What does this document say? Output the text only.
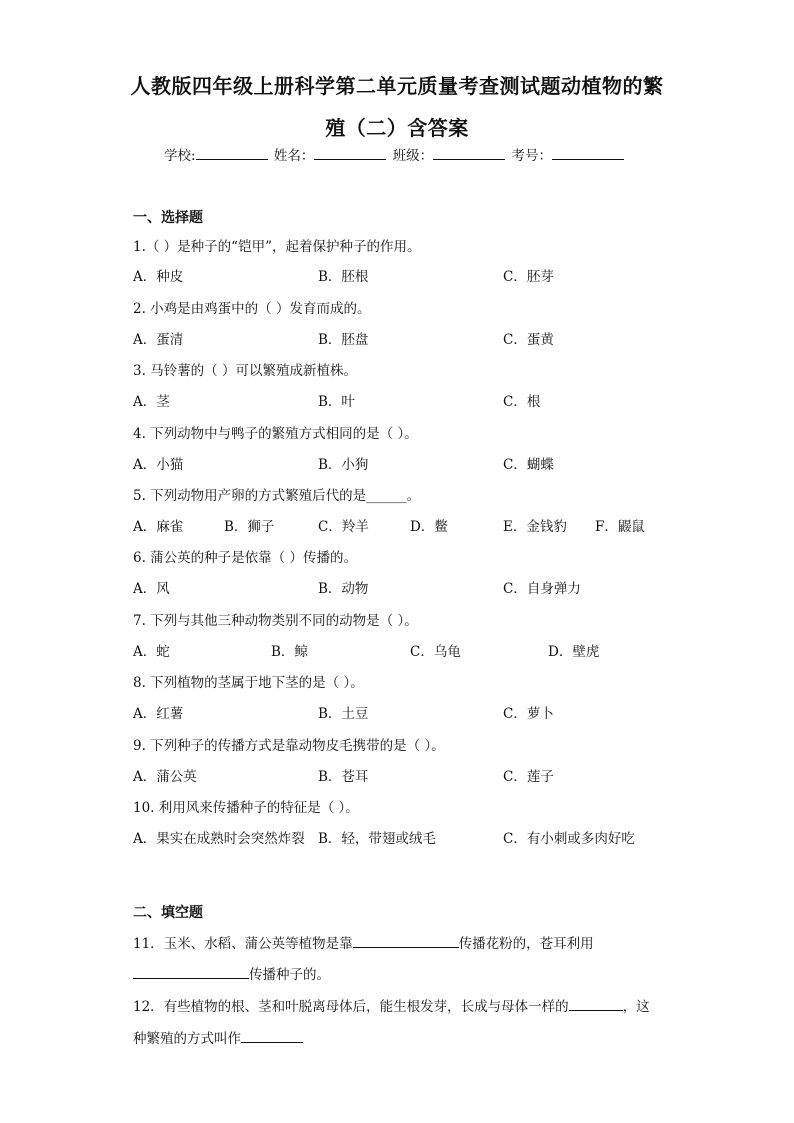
人教版四年级上册科学第二单元质量考查测试题动植物的繁
殖（二）含答案
学校:	姓名：	班级：	考号：
一、选择题
1.（ ）是种子的“铠甲”，起着保护种子的作用。
A．种皮	B．胚根	C．胚芽
2. 小鸡是由鸡蛋中的（ ）发育而成的。
A．蛋清	B．胚盘	C．蛋黄
3. 马铃薯的（ ）可以繁殖成新植株。
A．茎	B．叶	C．根
4. 下列动物中与鸭子的繁殖方式相同的是（ ）。
A．小猫	B．小狗	C．蝴蝶
5. 下列动物用产卵的方式繁殖后代的是______。
A．麻雀	B．狮子	C．羚羊	D．鳖	E．金钱豹 F．鼹鼠
6. 蒲公英的种子是依靠（ ）传播的。
A．风	B．动物	C．自身弹力
7. 下列与其他三种动物类别不同的动物是（ ）。
A．蛇	B．鲸	C．乌龟	D．壁虎
8. 下列植物的茎属于地下茎的是（ ）。
A．红薯	B．土豆	C．萝卜
9. 下列种子的传播方式是靠动物皮毛携带的是（ ）。
A．蒲公英	B．苍耳	C．莲子
10. 利用风来传播种子的特征是（ ）。
A．果实在成熟时会突然炸裂 B．轻，带翅或绒毛	C．有小刺或多肉好吃
二、填空题
11．玉米、水稻、蒲公英等植物是靠	传播花粉的，苍耳利用
传播种子的。
12．有些植物的根、茎和叶脱离母体后，能生根发芽，长成与母体一样的	，这
种繁殖的方式叫作
